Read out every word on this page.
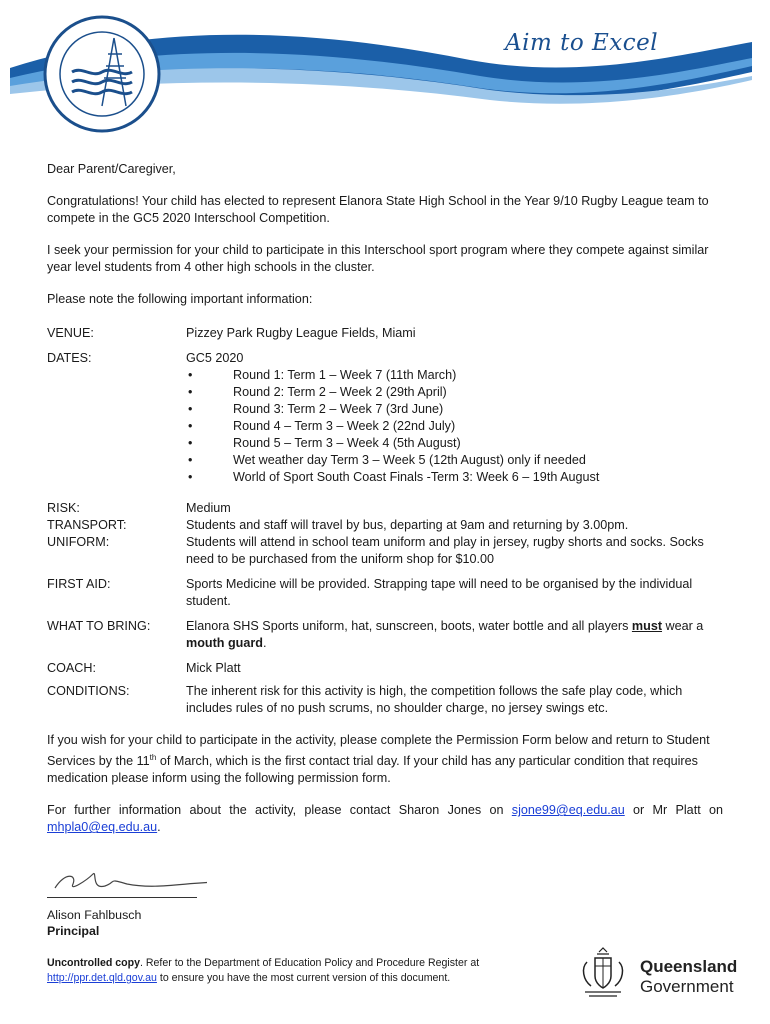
Aim to Excel

Dear Parent/Caregiver,

Congratulations! Your child has elected to represent Elanora State High School in the Year 9/10 Rugby League team to compete in the GC5 2020 Interschool Competition.

I seek your permission for your child to participate in this Interschool sport program where they compete against similar year level students from 4 other high schools in the cluster.

Please note the following important information:

VENUE:	Pizzey Park Rugby League Fields, Miami
DATES:	GC5 2020
• Round 1: Term 1 – Week 7 (11th March)
• Round 2: Term 2 – Week 2 (29th April)
• Round 3: Term 2 – Week 7 (3rd June)
• Round 4 – Term 3 – Week 2 (22nd July)
• Round 5 – Term 3 – Week 4 (5th August)
• Wet weather day Term 3 – Week 5 (12th August) only if needed
• World of Sport South Coast Finals -Term 3: Week 6 – 19th August
RISK:	Medium
TRANSPORT:	Students and staff will travel by bus, departing at 9am and returning by 3.00pm.
UNIFORM:	Students will attend in school team uniform and play in jersey, rugby shorts and socks. Socks need to be purchased from the uniform shop for $10.00
FIRST AID:	Sports Medicine will be provided. Strapping tape will need to be organised by the individual student.
WHAT TO BRING:	Elanora SHS Sports uniform, hat, sunscreen, boots, water bottle and all players must wear a mouth guard.
COACH:	Mick Platt
CONDITIONS:	The inherent risk for this activity is high, the competition follows the safe play code, which includes rules of no push scrums, no shoulder charge, no jersey swings etc.

If you wish for your child to participate in the activity, please complete the Permission Form below and return to Student Services by the 11th of March, which is the first contact trial day. If your child has any particular condition that requires medication please inform using the following permission form.

For further information about the activity, please contact Sharon Jones on sjone99@eq.edu.au or Mr Platt on mhpla0@eq.edu.au.

Alison Fahlbusch
Principal
Uncontrolled copy. Refer to the Department of Education Policy and Procedure Register at http://ppr.det.qld.gov.au to ensure you have the most current version of this document.
Queensland
Government
